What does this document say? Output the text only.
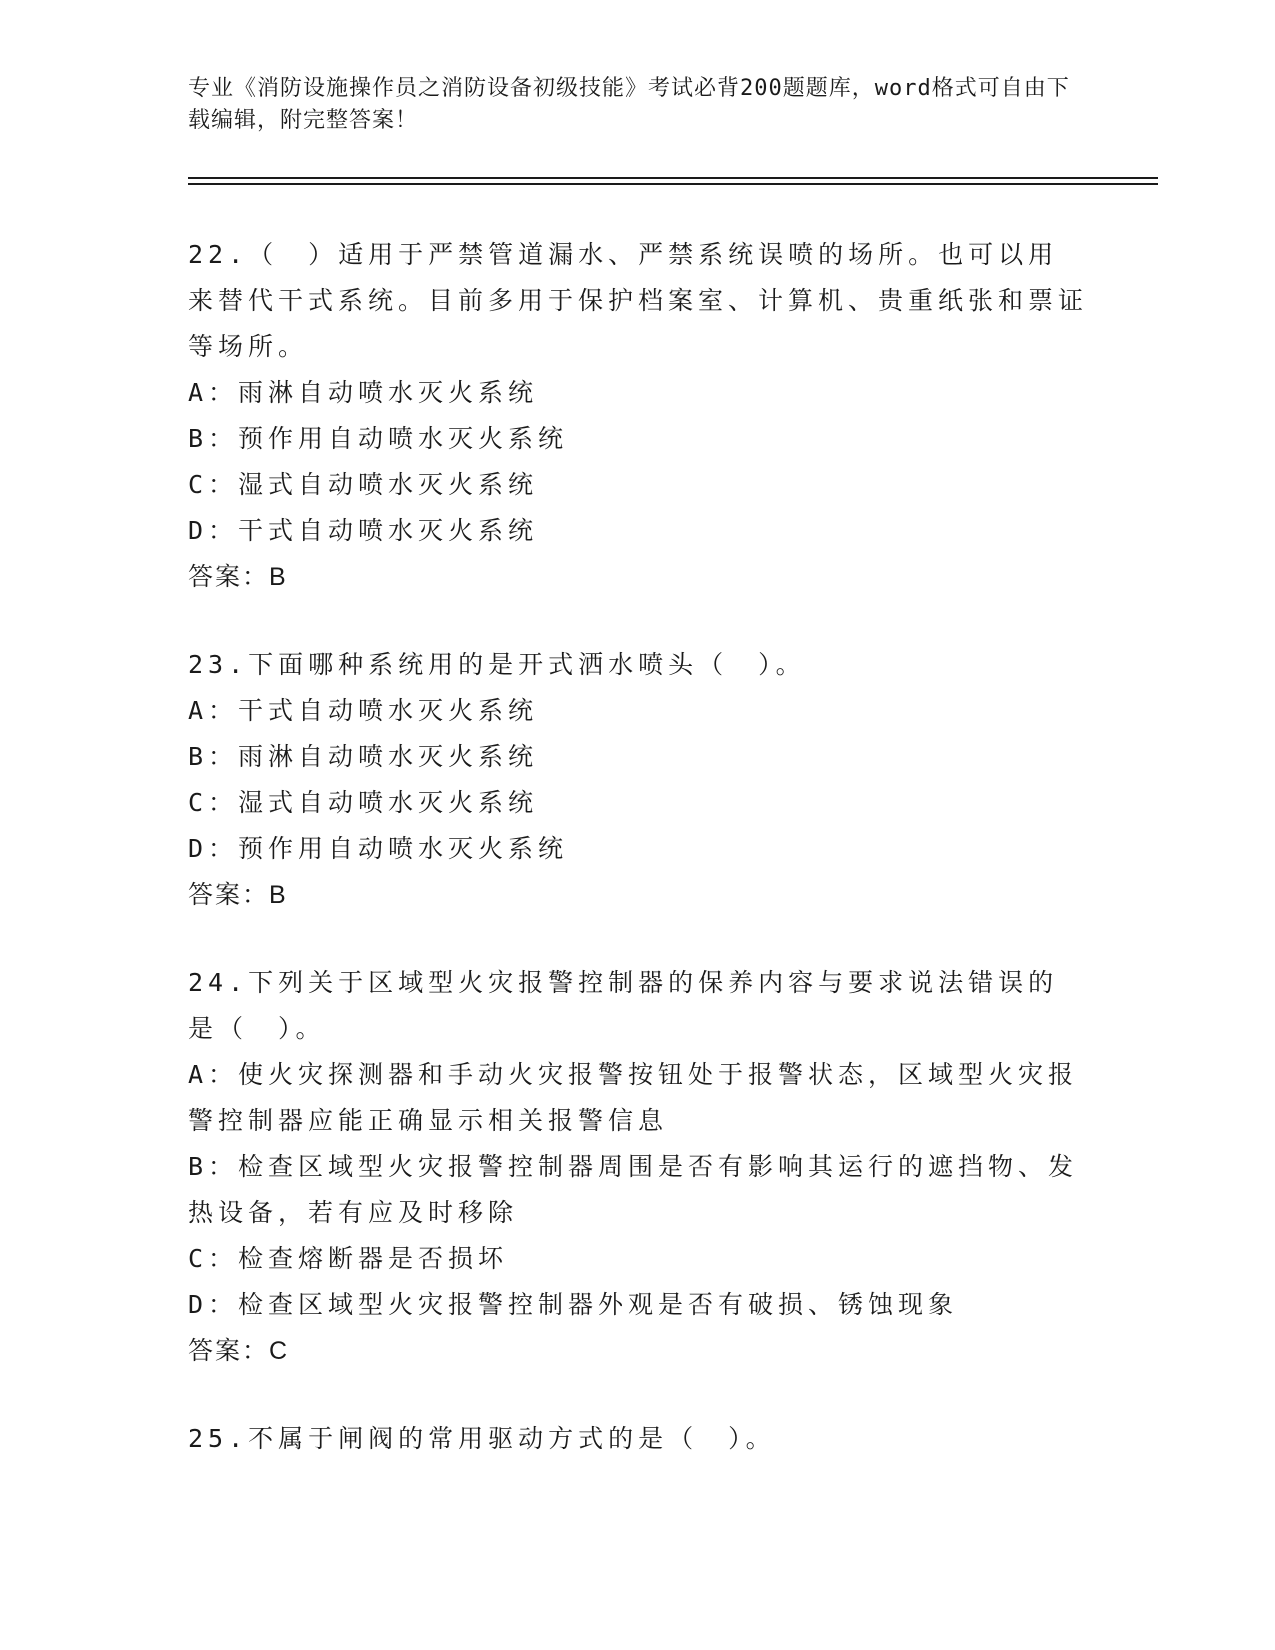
专业《消防设施操作员之消防设备初级技能》考试必背200题题库，word格式可自由下载编辑，附完整答案！

22.（　）适用于严禁管道漏水、严禁系统误喷的场所。也可以用来替代干式系统。目前多用于保护档案室、计算机、贵重纸张和票证等场所。

A：雨淋自动喷水灭火系统

B：预作用自动喷水灭火系统

C：湿式自动喷水灭火系统

D：干式自动喷水灭火系统

答案：B

23.下面哪种系统用的是开式洒水喷头（　）。

A：干式自动喷水灭火系统

B：雨淋自动喷水灭火系统

C：湿式自动喷水灭火系统

D：预作用自动喷水灭火系统

答案：B

24.下列关于区域型火灾报警控制器的保养内容与要求说法错误的是（　）。

A：使火灾探测器和手动火灾报警按钮处于报警状态，区域型火灾报警控制器应能正确显示相关报警信息

B：检查区域型火灾报警控制器周围是否有影响其运行的遮挡物、发热设备，若有应及时移除

C：检查熔断器是否损坏

D：检查区域型火灾报警控制器外观是否有破损、锈蚀现象

答案：C

25.不属于闸阀的常用驱动方式的是（　）。
